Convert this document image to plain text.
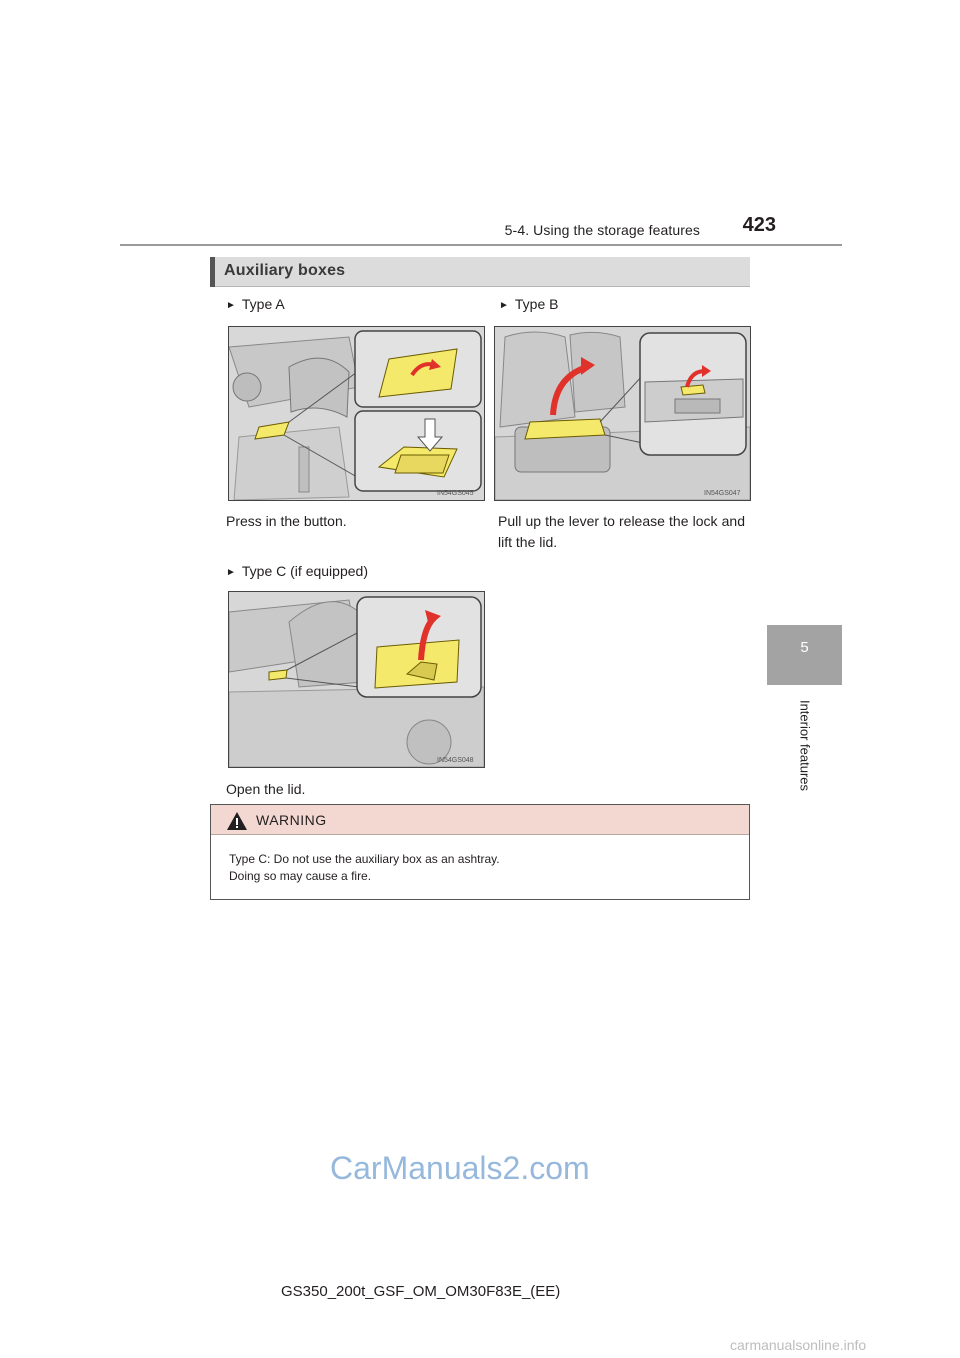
5-4. Using the storage features	423
5
Interior features
Auxiliary boxes
► Type A
IN54GS045
Press in the button.
► Type B
IN54GS047
Pull up the lever to release the lock and lift the lid.
► Type C (if equipped)
IN54GS048
Open the lid.
WARNING
Type C: Do not use the auxiliary box as an ashtray.
Doing so may cause a fire.
CarManuals2.com
GS350_200t_GSF_OM_OM30F83E_(EE)
carmanualsonline.info
